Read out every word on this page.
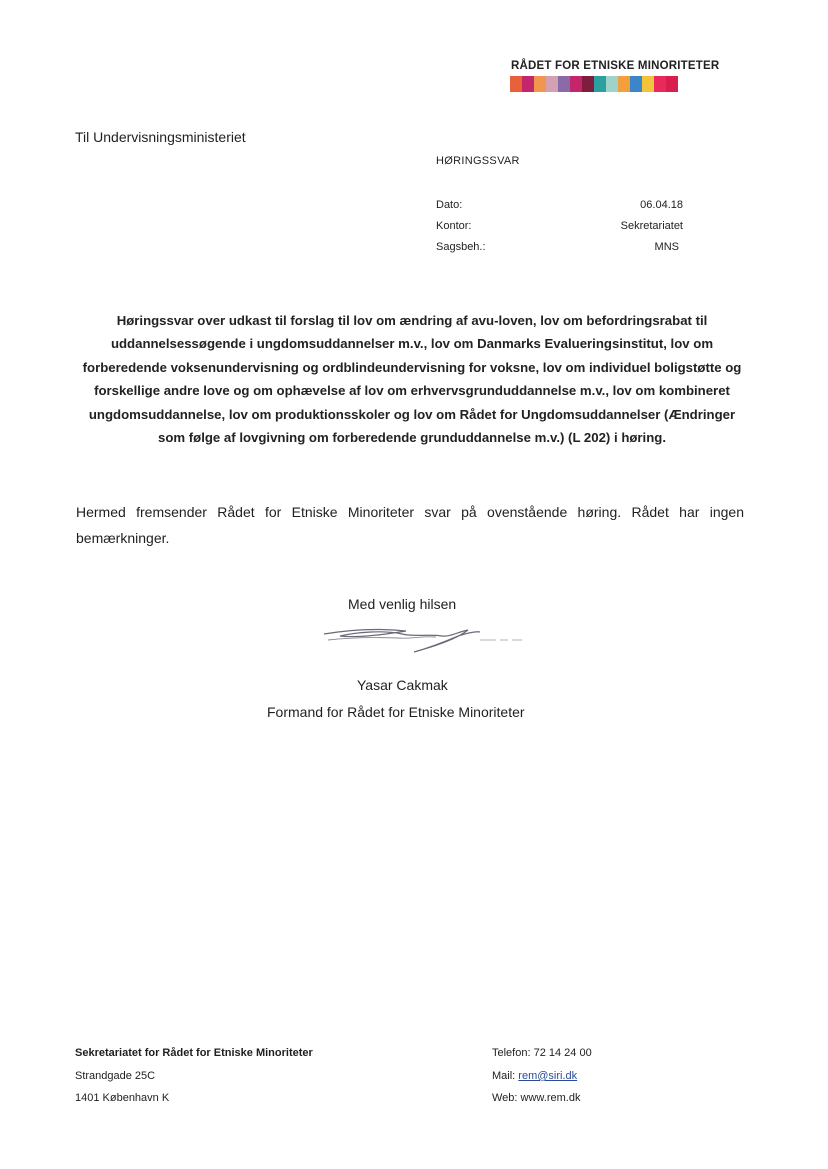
RÅDET FOR ETNISKE MINORITETER
Til Undervisningsministeriet
HØRINGSSVAR
Dato:	06.04.18
Kontor:	Sekretariatet
Sagsbeh.:	MNS
Høringssvar over udkast til forslag til lov om ændring af avu-loven, lov om befordringsrabat til uddannelsessøgende i ungdomsuddannelser m.v., lov om Danmarks Evalueringsinstitut, lov om forberedende voksenundervisning og ordblindeundervisning for voksne, lov om individuel boligstøtte og forskellige andre love og om ophævelse af lov om erhvervsgrunduddannelse m.v., lov om kombineret ungdomsuddannelse, lov om produktionsskoler og lov om Rådet for Ungdomsuddannelser (Ændringer som følge af lovgivning om forberedende grunduddannelse m.v.) (L 202) i høring.
Hermed fremsender Rådet for Etniske Minoriteter svar på ovenstående høring. Rådet har ingen bemærkninger.
Med venlig hilsen
Yasar Cakmak
Formand for Rådet for Etniske Minoriteter
Sekretariatet for Rådet for Etniske Minoriteter
Strandgade 25C
1401 København K
Telefon: 72 14 24 00
Mail: rem@siri.dk
Web: www.rem.dk
